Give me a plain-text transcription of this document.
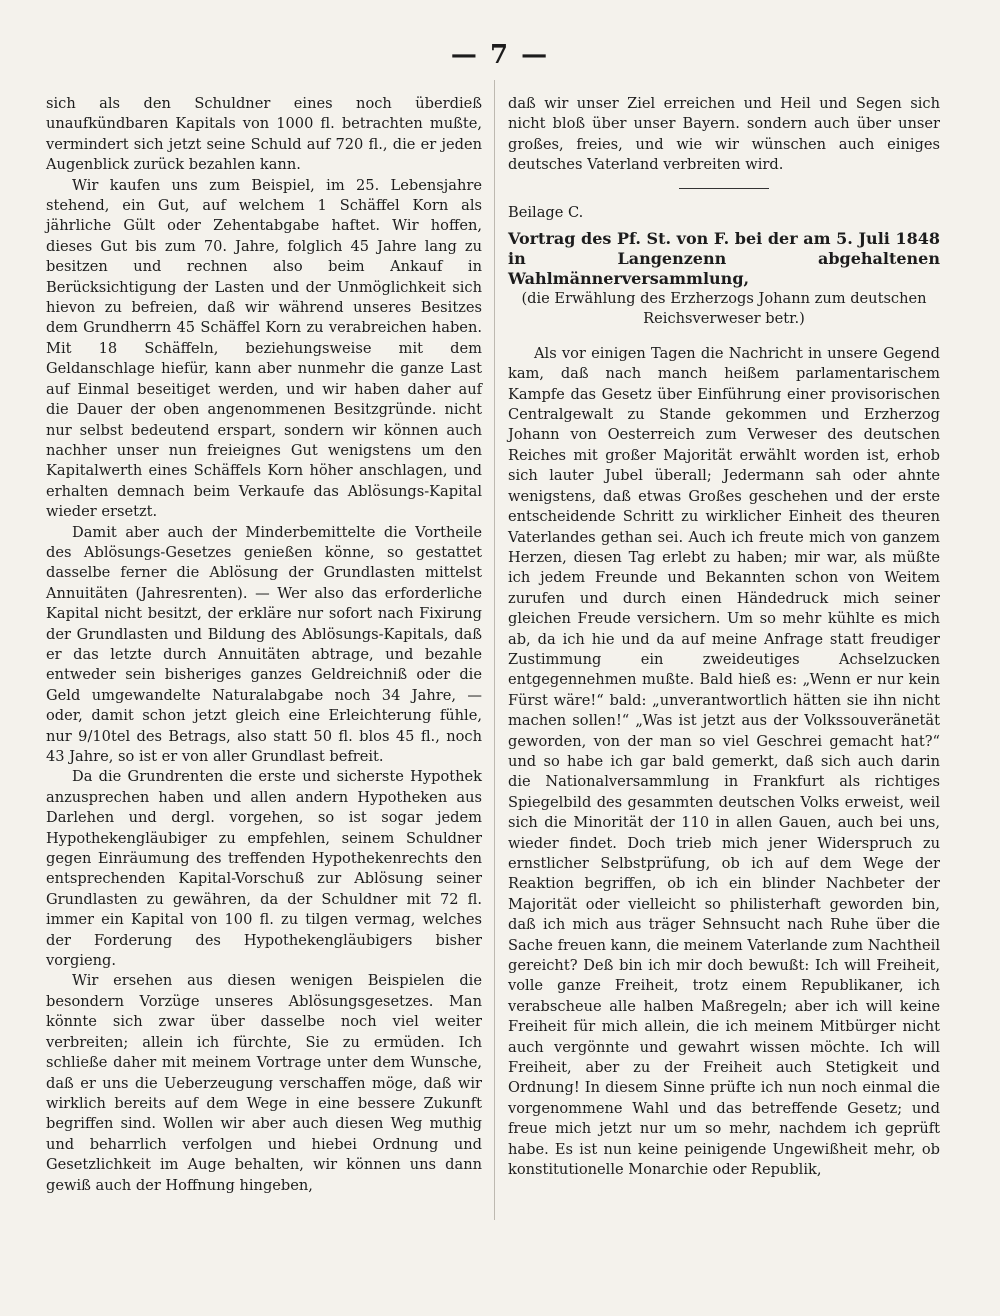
— 7 —

sich als den Schuldner eines noch überdieß unaufkündbaren Kapitals von 1000 fl. betrachten mußte, vermindert sich jetzt seine Schuld auf 720 fl., die er jeden Augenblick zurück bezahlen kann.

Wir kaufen uns zum Beispiel, im 25. Lebensjahre stehend, ein Gut, auf welchem 1 Schäffel Korn als jährliche Gült oder Zehentabgabe haftet. Wir hoffen, dieses Gut bis zum 70. Jahre, folglich 45 Jahre lang zu besitzen und rechnen also beim Ankauf in Berücksichtigung der Lasten und der Unmöglichkeit sich hievon zu befreien, daß wir während unseres Besitzes dem Grundherrn 45 Schäffel Korn zu verabreichen haben. Mit 18 Schäffeln, beziehungsweise mit dem Geldanschlage hiefür, kann aber nunmehr die ganze Last auf Einmal beseitiget werden, und wir haben daher auf die Dauer der oben angenommenen Besitzgründe. nicht nur selbst bedeutend erspart, sondern wir können auch nachher unser nun freieignes Gut wenigstens um den Kapitalwerth eines Schäffels Korn höher anschlagen, und erhalten demnach beim Verkaufe das Ablösungs-Kapital wieder ersetzt.

Damit aber auch der Minderbemittelte die Vortheile des Ablösungs-Gesetzes genießen könne, so gestattet dasselbe ferner die Ablösung der Grundlasten mittelst Annuitäten (Jahresrenten). — Wer also das erforderliche Kapital nicht besitzt, der erkläre nur sofort nach Fixirung der Grundlasten und Bildung des Ablösungs-Kapitals, daß er das letzte durch Annuitäten abtrage, und bezahle entweder sein bisheriges ganzes Geldreichniß oder die Geld umgewandelte Naturalabgabe noch 34 Jahre, — oder, damit schon jetzt gleich eine Erleichterung fühle, nur 9/10tel des Betrags, also statt 50 fl. blos 45 fl., noch 43 Jahre, so ist er von aller Grundlast befreit.

Da die Grundrenten die erste und sicherste Hypothek anzusprechen haben und allen andern Hypotheken aus Darlehen und dergl. vorgehen, so ist sogar jedem Hypothekengläubiger zu empfehlen, seinem Schuldner gegen Einräumung des treffenden Hypothekenrechts den entsprechenden Kapital-Vorschuß zur Ablösung seiner Grundlasten zu gewähren, da der Schuldner mit 72 fl. immer ein Kapital von 100 fl. zu tilgen vermag, welches der Forderung des Hypothekengläubigers bisher vorgieng.

Wir ersehen aus diesen wenigen Beispielen die besondern Vorzüge unseres Ablösungsgesetzes. Man könnte sich zwar über dasselbe noch viel weiter verbreiten; allein ich fürchte, Sie zu ermüden. Ich schließe daher mit meinem Vortrage unter dem Wunsche, daß er uns die Ueberzeugung verschaffen möge, daß wir wirklich bereits auf dem Wege in eine bessere Zukunft begriffen sind. Wollen wir aber auch diesen Weg muthig und beharrlich verfolgen und hiebei Ordnung und Gesetzlichkeit im Auge behalten, wir können uns dann gewiß auch der Hoffnung hingeben,

daß wir unser Ziel erreichen und Heil und Segen sich nicht bloß über unser Bayern. sondern auch über unser großes, freies, und wie wir wünschen auch einiges deutsches Vaterland verbreiten wird.

Beilage C.

Vortrag des Pf. St. von F. bei der am 5. Juli 1848 in Langenzenn abgehaltenen Wahlmännerversammlung,

(die Erwählung des Erzherzogs Johann zum deutschen Reichsverweser betr.)

Als vor einigen Tagen die Nachricht in unsere Gegend kam, daß nach manch heißem parlamentarischem Kampfe das Gesetz über Einführung einer provisorischen Centralgewalt zu Stande gekommen und Erzherzog Johann von Oesterreich zum Verweser des deutschen Reiches mit großer Majorität erwählt worden ist, erhob sich lauter Jubel überall; Jedermann sah oder ahnte wenigstens, daß etwas Großes geschehen und der erste entscheidende Schritt zu wirklicher Einheit des theuren Vaterlandes gethan sei. Auch ich freute mich von ganzem Herzen, diesen Tag erlebt zu haben; mir war, als müßte ich jedem Freunde und Bekannten schon von Weitem zurufen und durch einen Händedruck mich seiner gleichen Freude versichern. Um so mehr kühlte es mich ab, da ich hie und da auf meine Anfrage statt freudiger Zustimmung ein zweideutiges Achselzucken entgegennehmen mußte. Bald hieß es: „Wenn er nur kein Fürst wäre!“ bald: „unverantwortlich hätten sie ihn nicht machen sollen!“ „Was ist jetzt aus der Volkssouveränetät geworden, von der man so viel Geschrei gemacht hat?“ und so habe ich gar bald gemerkt, daß sich auch darin die Nationalversammlung in Frankfurt als richtiges Spiegelbild des gesammten deutschen Volks erweist, weil sich die Minorität der 110 in allen Gauen, auch bei uns, wieder findet. Doch trieb mich jener Widerspruch zu ernstlicher Selbstprüfung, ob ich auf dem Wege der Reaktion begriffen, ob ich ein blinder Nachbeter der Majorität oder vielleicht so philisterhaft geworden bin, daß ich mich aus träger Sehnsucht nach Ruhe über die Sache freuen kann, die meinem Vaterlande zum Nachtheil gereicht? Deß bin ich mir doch bewußt: Ich will Freiheit, volle ganze Freiheit, trotz einem Republikaner, ich verabscheue alle halben Maßregeln; aber ich will keine Freiheit für mich allein, die ich meinem Mitbürger nicht auch vergönnte und gewahrt wissen möchte. Ich will Freiheit, aber zu der Freiheit auch Stetigkeit und Ordnung! In diesem Sinne prüfte ich nun noch einmal die vorgenommene Wahl und das betreffende Gesetz; und freue mich jetzt nur um so mehr, nachdem ich geprüft habe. Es ist nun keine peinigende Ungewißheit mehr, ob konstitutionelle Monarchie oder Republik,
